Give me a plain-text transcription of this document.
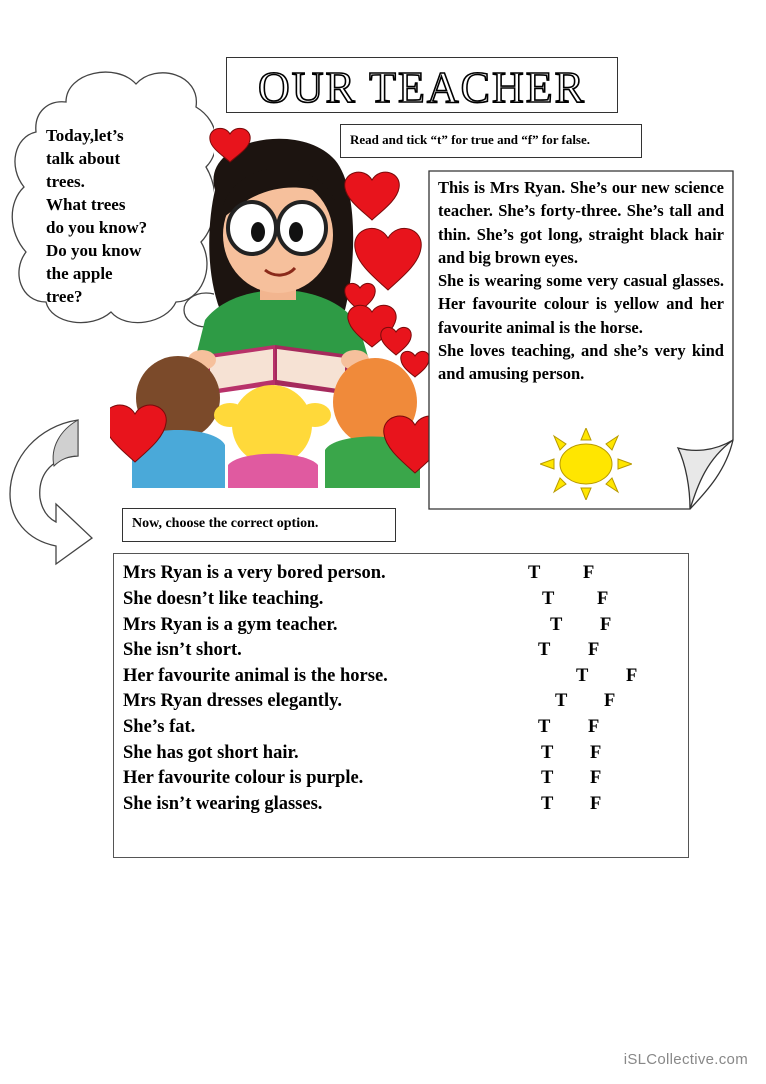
OUR TEACHER
Today,let’s
talk about
trees.
What trees
do you know?
Do you know
the apple
tree?
Read and tick “t” for true and “f” for false.

This is Mrs Ryan. She’s our new science teacher. She’s forty-three. She’s tall and thin. She’s got long, straight black hair and big brown eyes.

She is wearing some very casual glasses. Her favourite colour is yellow and her favourite animal is the horse.

She loves teaching, and she’s very kind and amusing person.

Now, choose the correct option.
Mrs Ryan is a very bored person.	T F
She doesn’t like teaching.	T F
Mrs Ryan is a gym teacher.	T F
She isn’t short.	T F
Her favourite animal is the horse.	T F
Mrs Ryan dresses elegantly.	T F
She’s fat.	T F
She has got short hair.	T F
Her favourite colour is purple.	T F
She isn’t wearing glasses.	T F
iSLCollective.com
